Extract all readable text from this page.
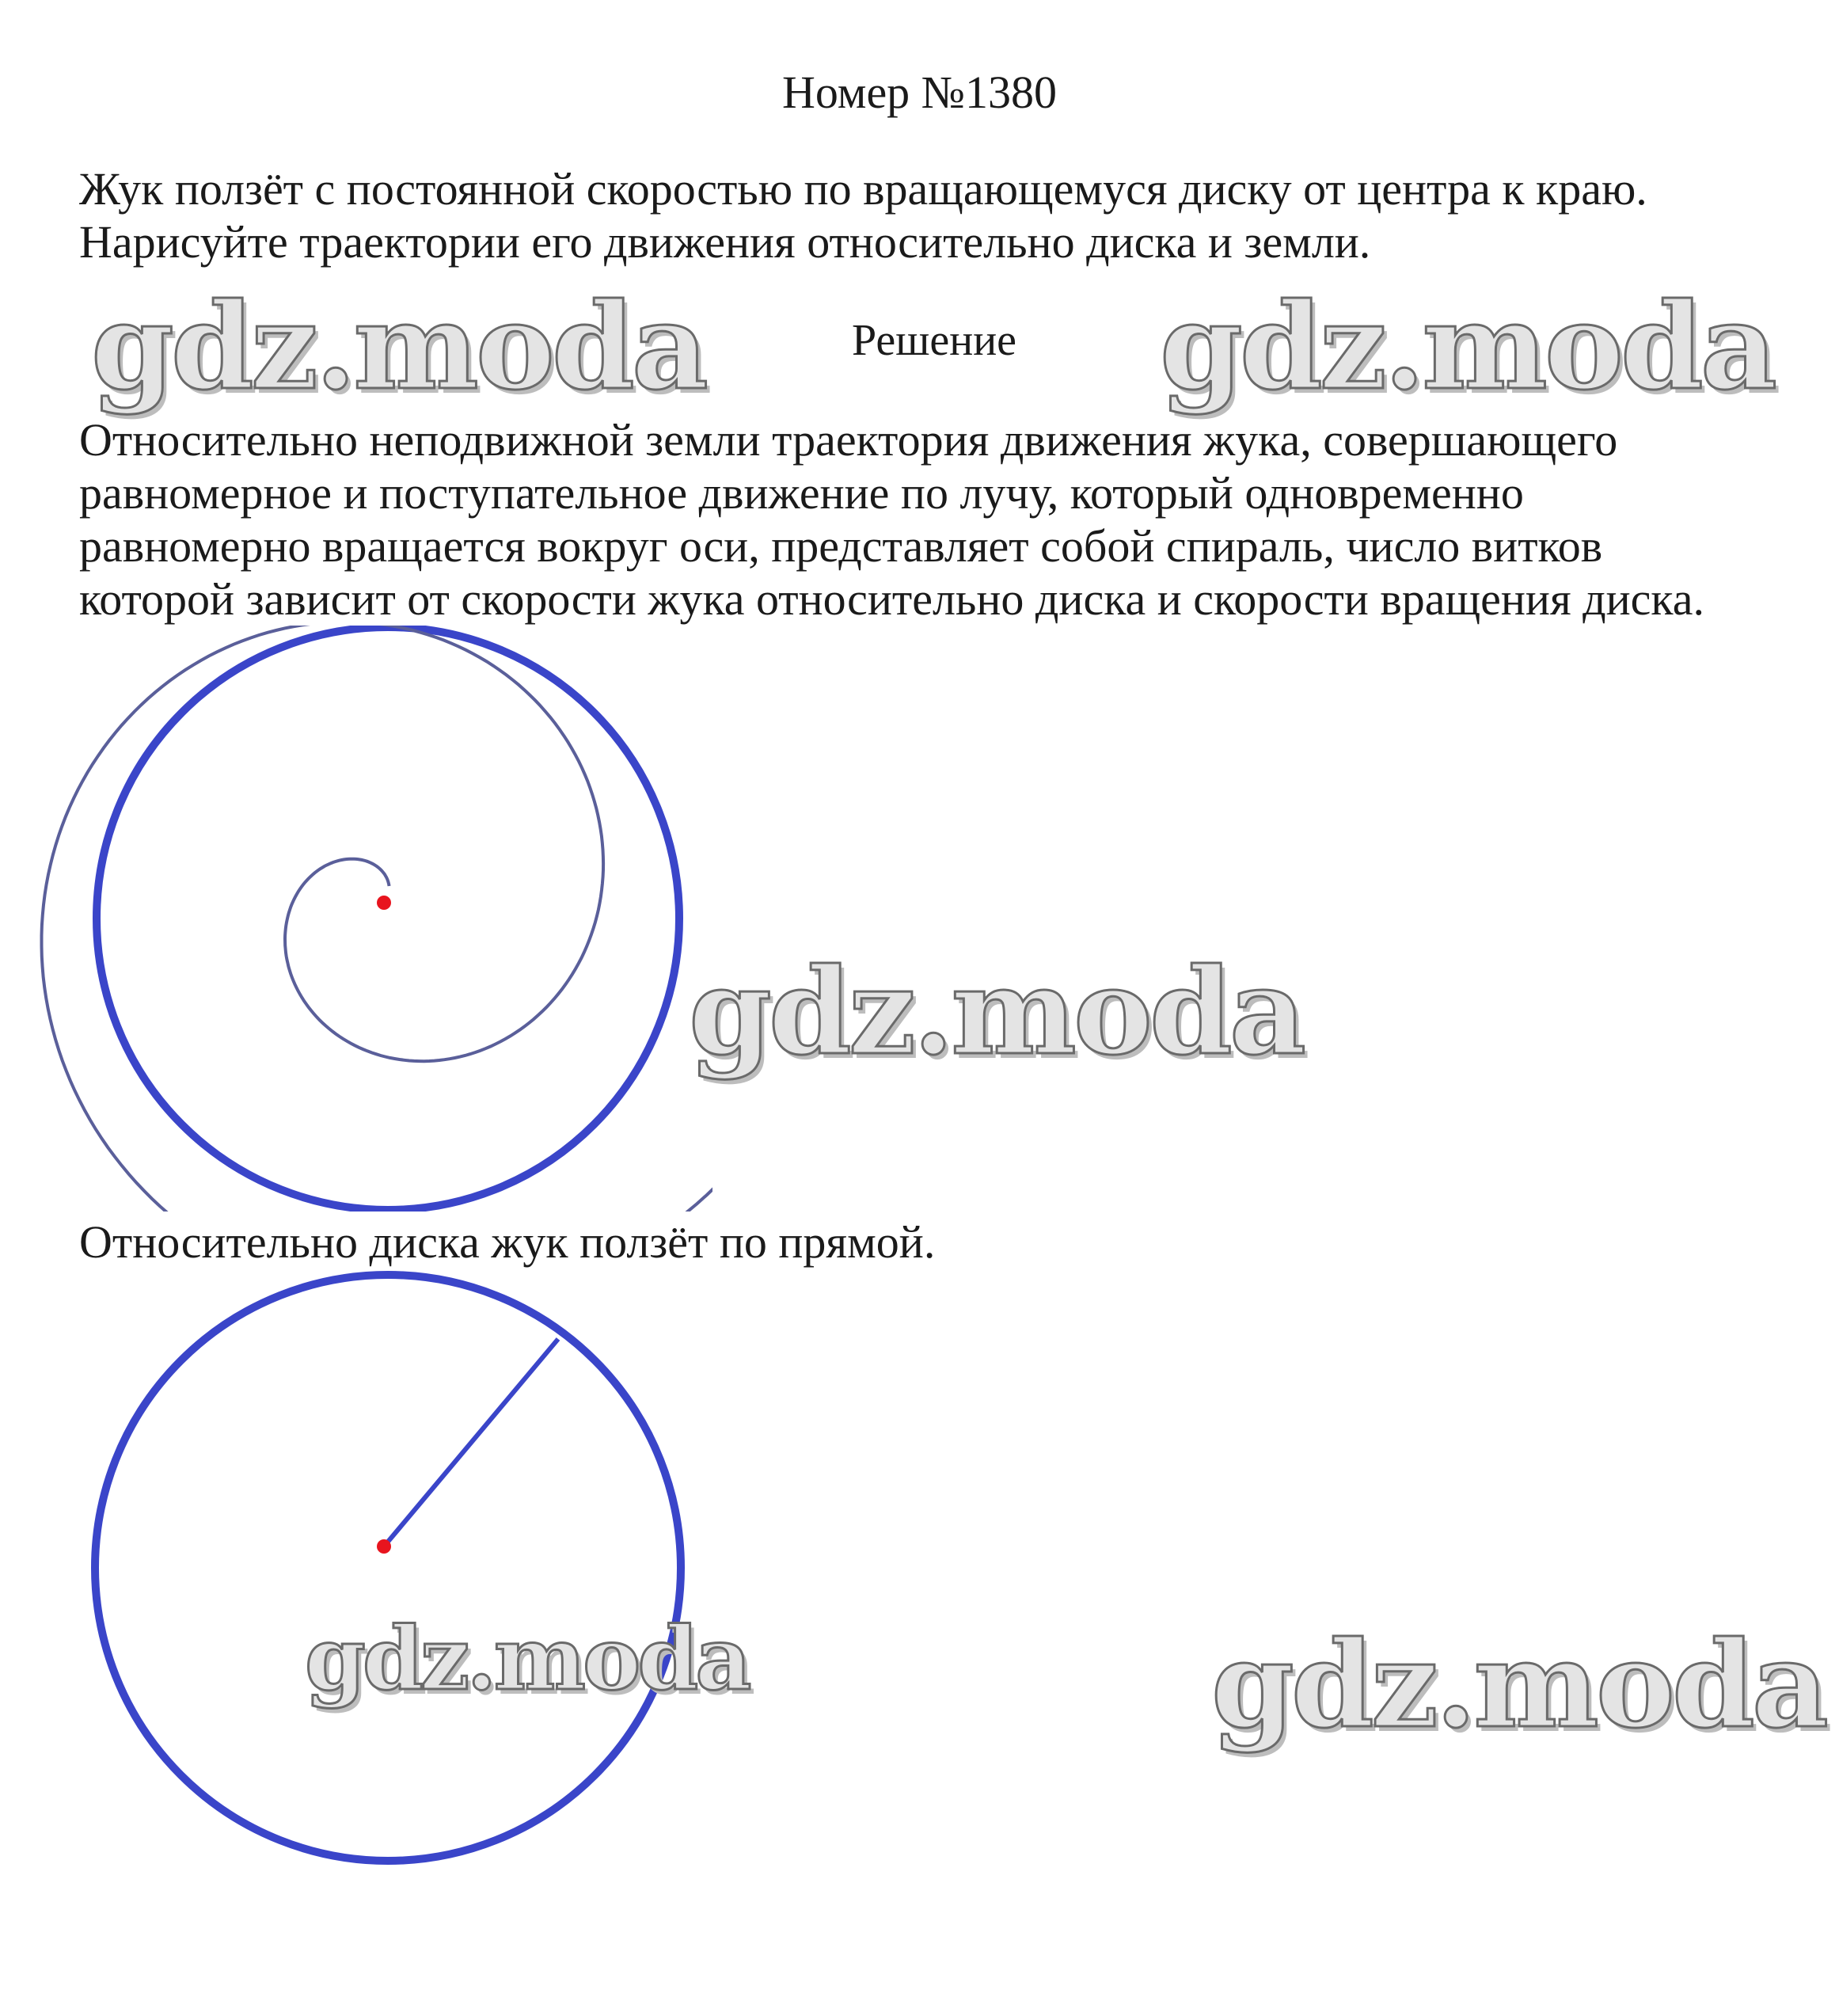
Номер №1380

Жук ползёт с постоянной скоростью по вращающемуся диску от центра к краю.
Нарисуйте траектории его движения относительно диска и земли.

gdz.moda	Решение	gdz.moda

Относительно неподвижной земли траектория движения жука, совершающего
равномерное и поступательное движение по лучу, который одновременно
равномерно вращается вокруг оси, представляет собой спираль, число витков
которой зависит от скорости жука относительно диска и скорости вращения диска.

gdz.moda
Относительно диска жук ползёт по прямой.
gdz.moda	gdz.moda
